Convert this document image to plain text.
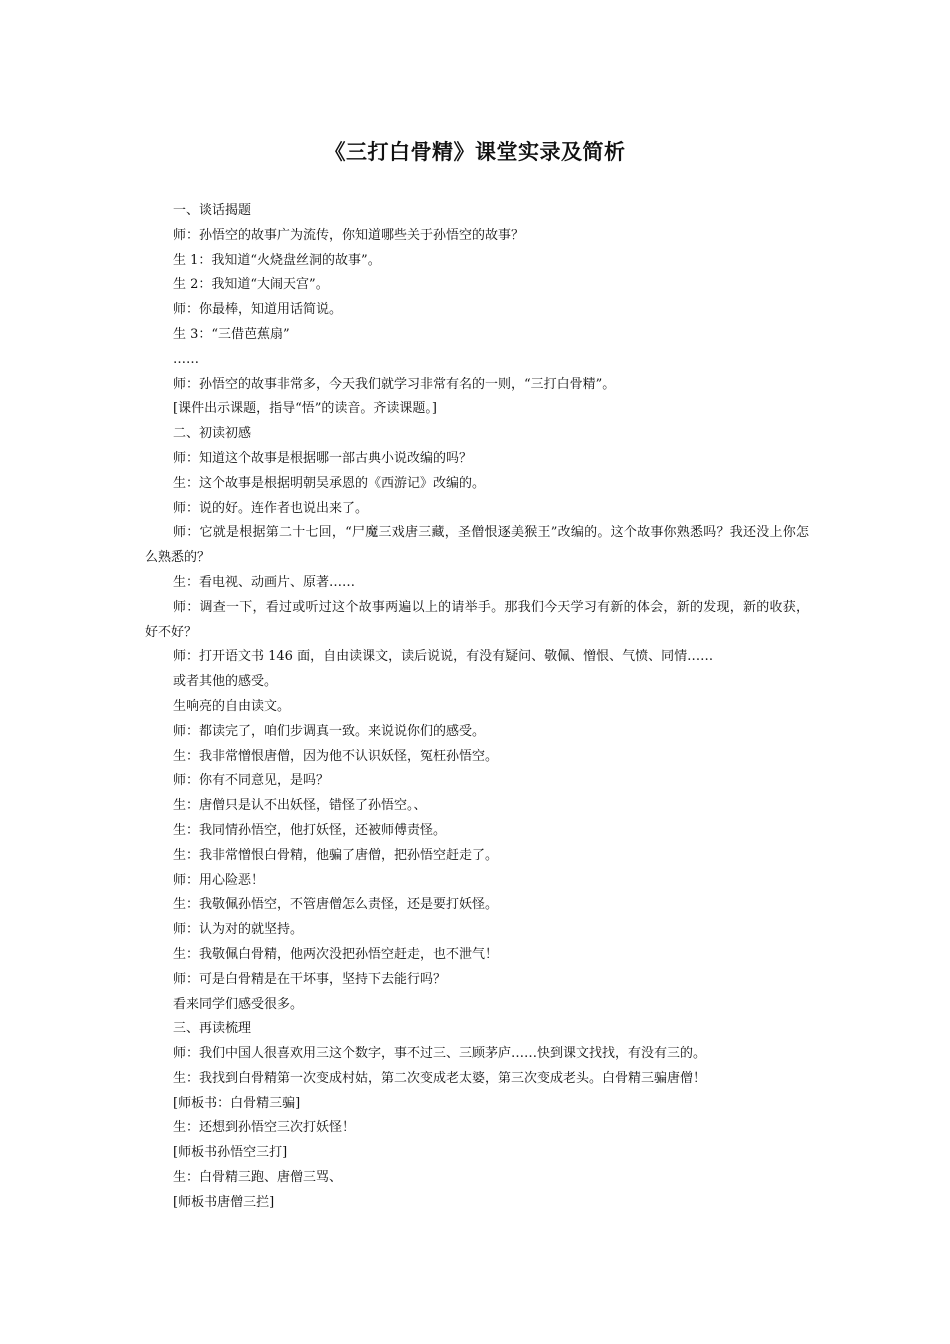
《三打白骨精》课堂实录及简析

一、谈话揭题

师：孙悟空的故事广为流传，你知道哪些关于孙悟空的故事？

生 1：我知道“火烧盘丝洞的故事”。

生 2：我知道“大闹天宫”。

师：你最棒，知道用话简说。

生 3：“三借芭蕉扇”

……

师：孙悟空的故事非常多，今天我们就学习非常有名的一则，“三打白骨精”。

[课件出示课题，指导“悟”的读音。齐读课题。]

二、初读初感

师：知道这个故事是根据哪一部古典小说改编的吗？

生：这个故事是根据明朝吴承恩的《西游记》改编的。

师：说的好。连作者也说出来了。

师：它就是根据第二十七回，“尸魔三戏唐三藏，圣僧恨逐美猴王”改编的。这个故事你熟悉吗？我还没上你怎么熟悉的？

生：看电视、动画片、原著……

师：调查一下，看过或听过这个故事两遍以上的请举手。那我们今天学习有新的体会，新的发现，新的收获，好不好？

师：打开语文书 146 面，自由读课文，读后说说，有没有疑问、敬佩、憎恨、气愤、同情……

或者其他的感受。

生响亮的自由读文。

师：都读完了，咱们步调真一致。来说说你们的感受。

生：我非常憎恨唐僧，因为他不认识妖怪，冤枉孙悟空。

师：你有不同意见，是吗？

生：唐僧只是认不出妖怪，错怪了孙悟空。、

生：我同情孙悟空，他打妖怪，还被师傅责怪。

生：我非常憎恨白骨精，他骗了唐僧，把孙悟空赶走了。

师：用心险恶！

生：我敬佩孙悟空，不管唐僧怎么责怪，还是要打妖怪。

师：认为对的就坚持。

生：我敬佩白骨精，他两次没把孙悟空赶走，也不泄气！

师：可是白骨精是在干坏事，坚持下去能行吗？

看来同学们感受很多。

三、再读梳理

师：我们中国人很喜欢用三这个数字，事不过三、三顾茅庐……快到课文找找，有没有三的。

生：我找到白骨精第一次变成村姑，第二次变成老太婆，第三次变成老头。白骨精三骗唐僧！

[师板书：白骨精三骗]

生：还想到孙悟空三次打妖怪！

[师板书孙悟空三打]

生：白骨精三跑、唐僧三骂、

[师板书唐僧三拦]
